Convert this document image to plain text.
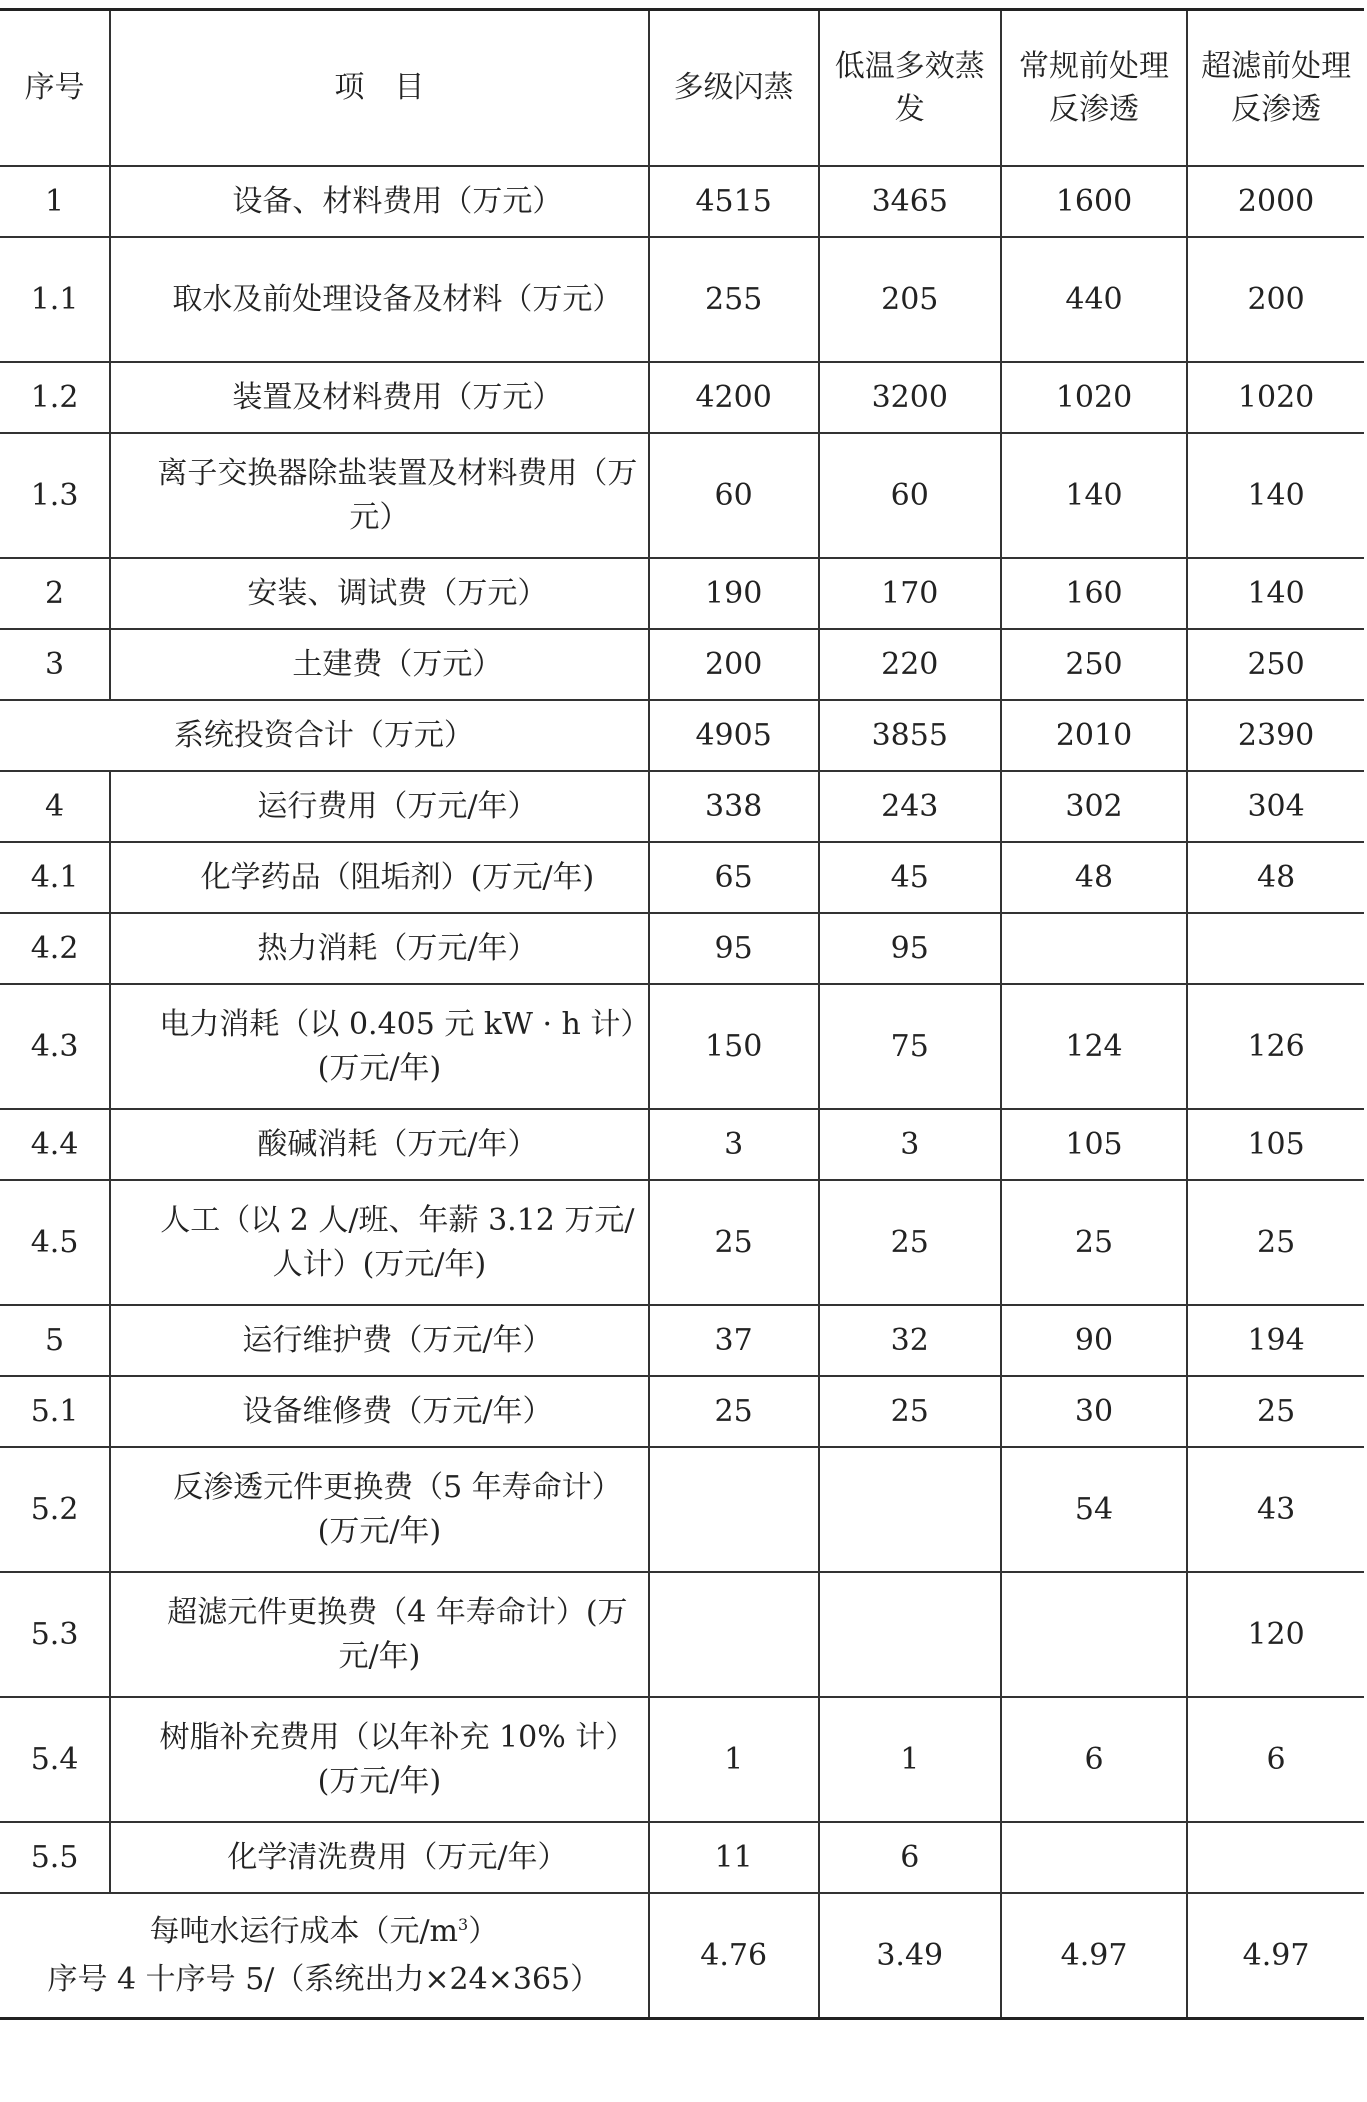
序号	项　目	多级闪蒸	低温多效蒸发	常规前处理反渗透	超滤前处理反渗透
1	设备、材料费用（万元）	4515	3465	1600	2000
1.1	取水及前处理设备及材料（万元）	255	205	440	200
1.2	装置及材料费用（万元）	4200	3200	1020	1020
1.3	离子交换器除盐装置及材料费用（万元）	60	60	140	140
2	安装、调试费（万元）	190	170	160	140
3	土建费（万元）	200	220	250	250
系统投资合计（万元）		4905	3855	2010	2390
4	运行费用（万元/年）	338	243	302	304
4.1	化学药品（阻垢剂）(万元/年)	65	45	48	48
4.2	热力消耗（万元/年）	95	95		
4.3	电力消耗（以 0.405 元 kW · h 计）(万元/年)	150	75	124	126
4.4	酸碱消耗（万元/年）	3	3	105	105
4.5	人工（以 2 人/班、年薪 3.12 万元/人计）(万元/年)	25	25	25	25
5	运行维护费（万元/年）	37	32	90	194
5.1	设备维修费（万元/年）	25	25	30	25
5.2	反渗透元件更换费（5 年寿命计）(万元/年)			54	43
5.3	超滤元件更换费（4 年寿命计）(万元/年)				120
5.4	树脂补充费用（以年补充 10% 计）(万元/年)	1	1	6	6
5.5	化学清洗费用（万元/年）	11	6		

每吨水运行成本（元$/m^3$）
序号 4 十序号 5/（系统出力×24×365）		4.76	3.49	4.97	4.97
